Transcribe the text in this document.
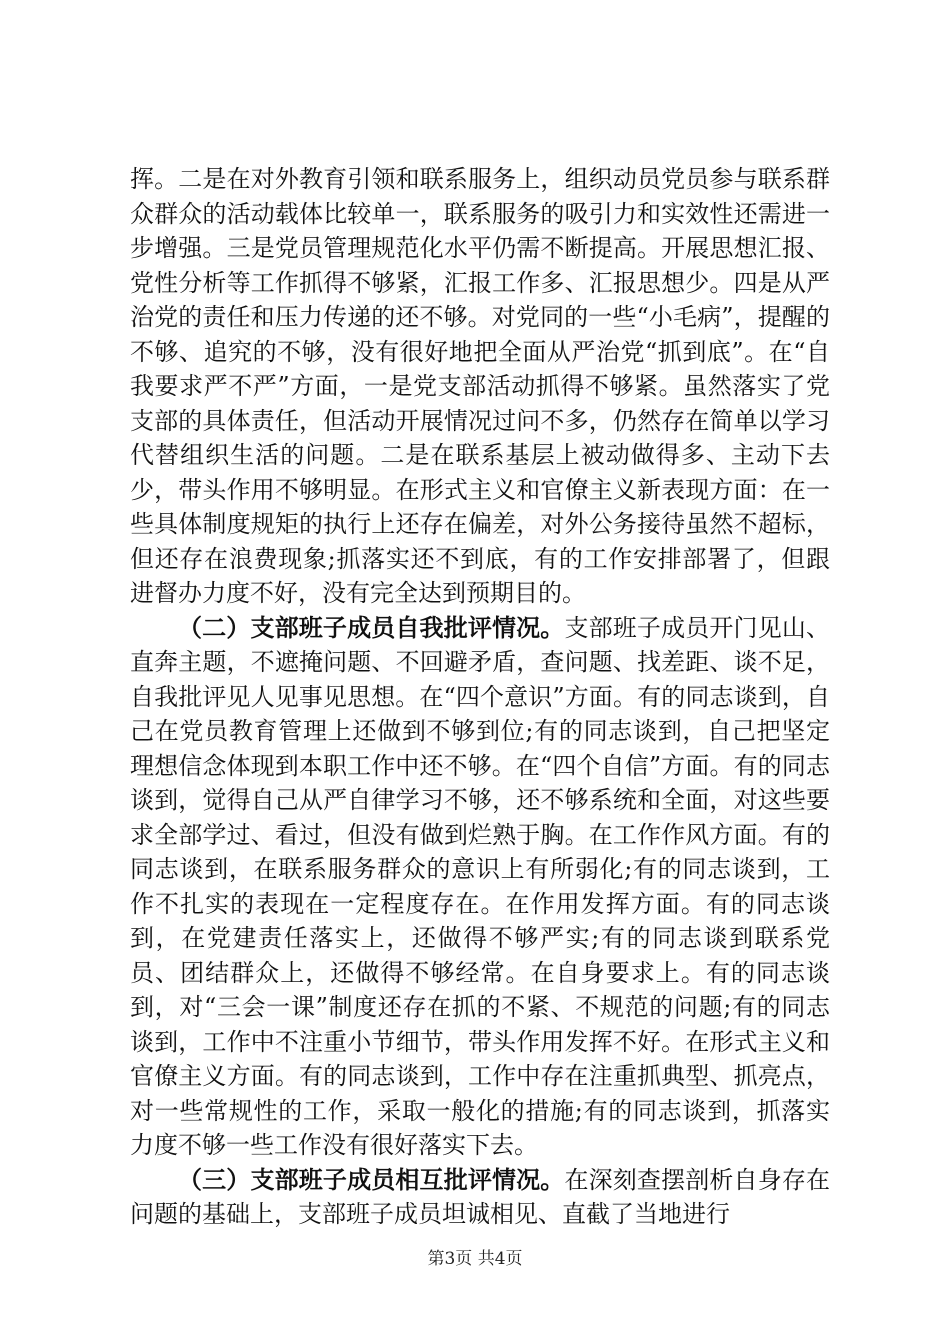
挥。二是在对外教育引领和联系服务上，组织动员党员参与联系群众群众的活动载体比较单一，联系服务的吸引力和实效性还需进一步增强。三是党员管理规范化水平仍需不断提高。开展思想汇报、党性分析等工作抓得不够紧，汇报工作多、汇报思想少。四是从严治党的责任和压力传递的还不够。对党同的一些“小毛病”，提醒的不够、追究的不够，没有很好地把全面从严治党“抓到底”。在“自我要求严不严”方面，一是党支部活动抓得不够紧。虽然落实了党支部的具体责任，但活动开展情况过问不多，仍然存在简单以学习代替组织生活的问题。二是在联系基层上被动做得多、主动下去少，带头作用不够明显。在形式主义和官僚主义新表现方面：在一些具体制度规矩的执行上还存在偏差，对外公务接待虽然不超标，但还存在浪费现象;抓落实还不到底，有的工作安排部署了，但跟进督办力度不好，没有完全达到预期目的。

（二）支部班子成员自我批评情况。支部班子成员开门见山、直奔主题，不遮掩问题、不回避矛盾，查问题、找差距、谈不足，自我批评见人见事见思想。在“四个意识”方面。有的同志谈到，自己在党员教育管理上还做到不够到位;有的同志谈到，自己把坚定理想信念体现到本职工作中还不够。在“四个自信”方面。有的同志谈到，觉得自己从严自律学习不够，还不够系统和全面，对这些要求全部学过、看过，但没有做到烂熟于胸。在工作作风方面。有的同志谈到，在联系服务群众的意识上有所弱化;有的同志谈到，工作不扎实的表现在一定程度存在。在作用发挥方面。有的同志谈到，在党建责任落实上，还做得不够严实;有的同志谈到联系党员、团结群众上，还做得不够经常。在自身要求上。有的同志谈到，对“三会一课”制度还存在抓的不紧、不规范的问题;有的同志谈到，工作中不注重小节细节，带头作用发挥不好。在形式主义和官僚主义方面。有的同志谈到，工作中存在注重抓典型、抓亮点，对一些常规性的工作，采取一般化的措施;有的同志谈到，抓落实力度不够一些工作没有很好落实下去。

（三）支部班子成员相互批评情况。在深刻查摆剖析自身存在问题的基础上，支部班子成员坦诚相见、直截了当地进行

第3页 共4页
